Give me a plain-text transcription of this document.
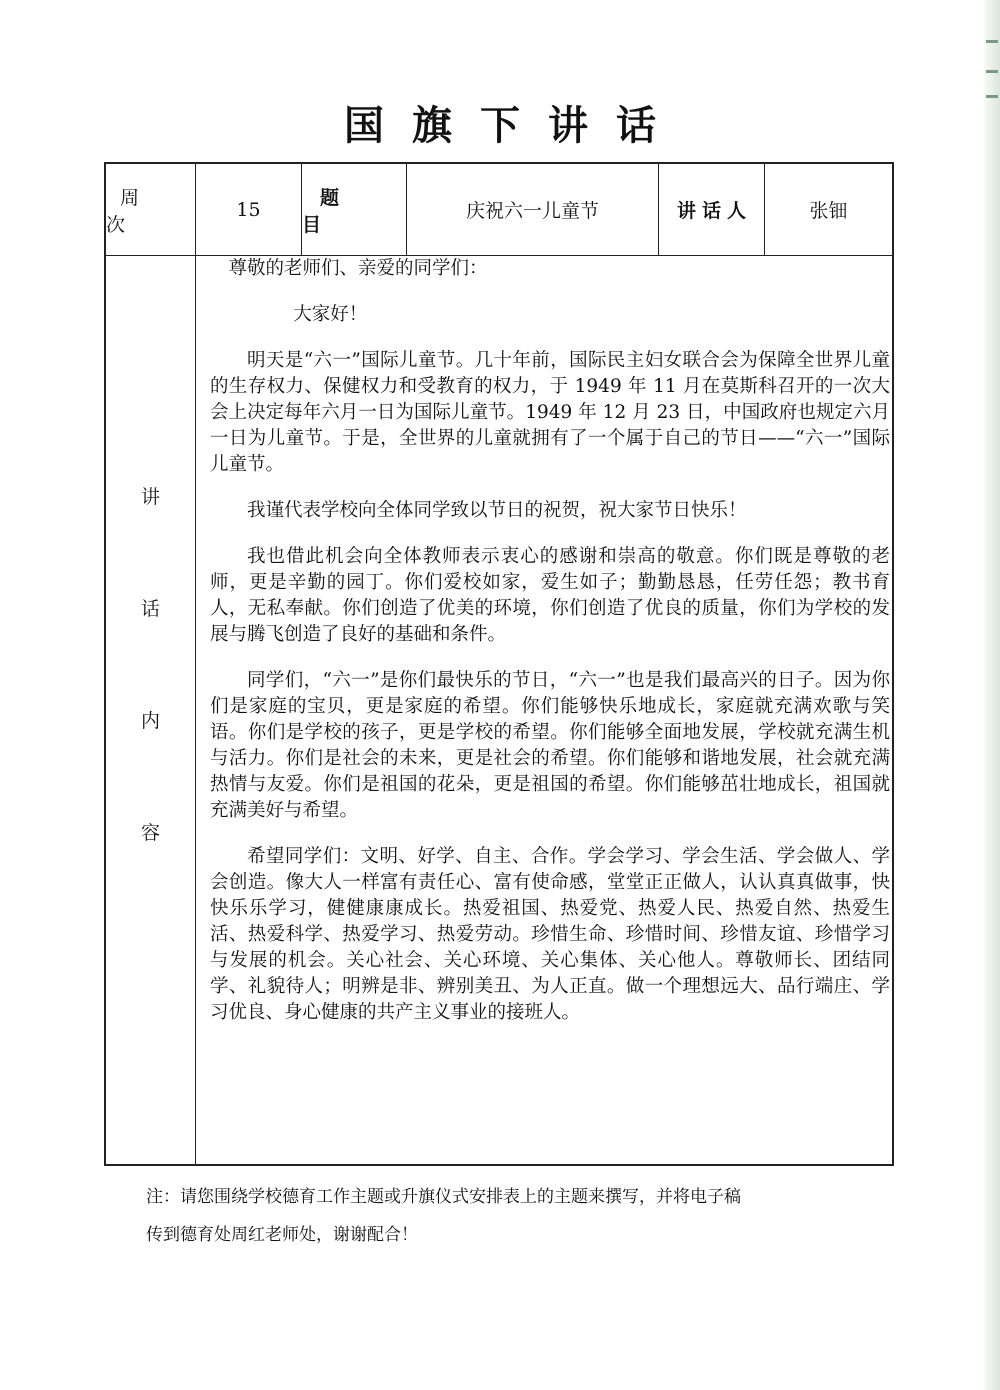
国旗下讲话
周 次
15
题 目
庆祝六一儿童节	讲话人	张钿
讲
话
内
容

尊敬的老师们、亲爱的同学们：

大家好！

明天是“六一”国际儿童节。几十年前，国际民主妇女联合会为保障全世界儿童的生存权力、保健权力和受教育的权力，于 1949 年 11 月在莫斯科召开的一次大会上决定每年六月一日为国际儿童节。1949 年 12 月 23 日，中国政府也规定六月一日为儿童节。于是，全世界的儿童就拥有了一个属于自己的节日——“六一”国际儿童节。

我谨代表学校向全体同学致以节日的祝贺，祝大家节日快乐！

我也借此机会向全体教师表示衷心的感谢和崇高的敬意。你们既是尊敬的老师，更是辛勤的园丁。你们爱校如家，爱生如子；勤勤恳恳，任劳任怨；教书育人，无私奉献。你们创造了优美的环境，你们创造了优良的质量，你们为学校的发展与腾飞创造了良好的基础和条件。

同学们，“六一”是你们最快乐的节日，“六一”也是我们最高兴的日子。因为你们是家庭的宝贝，更是家庭的希望。你们能够快乐地成长，家庭就充满欢歌与笑语。你们是学校的孩子，更是学校的希望。你们能够全面地发展，学校就充满生机与活力。你们是社会的未来，更是社会的希望。你们能够和谐地发展，社会就充满热情与友爱。你们是祖国的花朵，更是祖国的希望。你们能够茁壮地成长，祖国就充满美好与希望。

希望同学们：文明、好学、自主、合作。学会学习、学会生活、学会做人、学会创造。像大人一样富有责任心、富有使命感，堂堂正正做人，认认真真做事，快快乐乐学习，健健康康成长。热爱祖国、热爱党、热爱人民、热爱自然、热爱生活、热爱科学、热爱学习、热爱劳动。珍惜生命、珍惜时间、珍惜友谊、珍惜学习与发展的机会。关心社会、关心环境、关心集体、关心他人。尊敬师长、团结同学、礼貌待人；明辨是非、辨别美丑、为人正直。做一个理想远大、品行端庄、学习优良、身心健康的共产主义事业的接班人。

注：请您围绕学校德育工作主题或升旗仪式安排表上的主题来撰写，并将电子稿
传到德育处周红老师处，谢谢配合！
